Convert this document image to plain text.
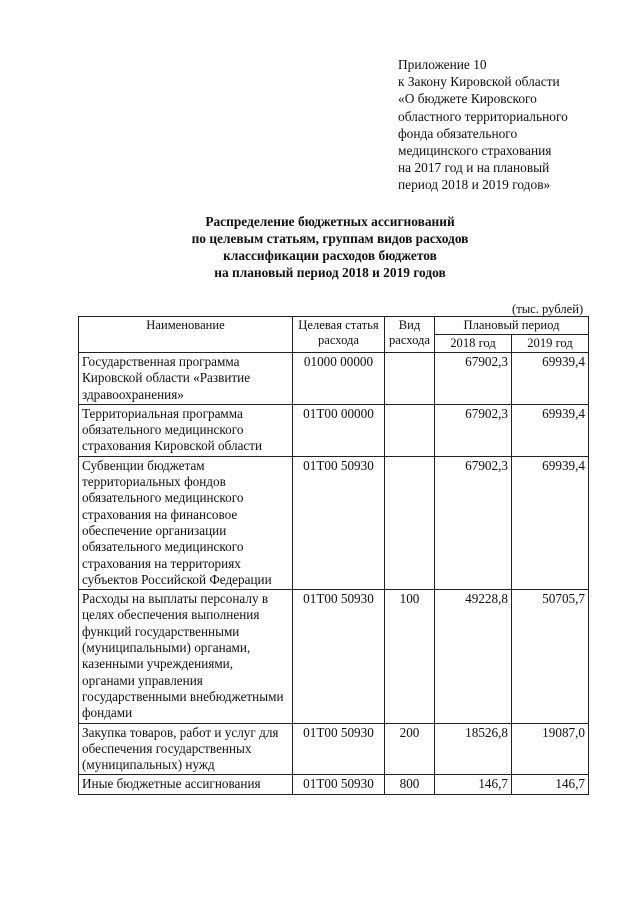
Приложение 10
к Закону Кировской области
«О бюджете Кировского
областного территориального
фонда обязательного
медицинского страхования
на 2017 год и на плановый
период 2018 и 2019 годов»
Распределение бюджетных ассигнований
по целевым статьям, группам видов расходов
классификации расходов бюджетов
на плановый период 2018 и 2019 годов
(тыс. рублей)
Наименование	Целевая статья расхода	Вид расхода	Плановый период	
			2018 год	2019 год
Государственная программа Кировской области «Развитие здравоохранения»	01000 00000		67902,3	69939,4
Территориальная программа обязательного медицинского страхования Кировской области	01Т00 00000		67902,3	69939,4
Субвенции бюджетам территориальных фондов обязательного медицинского страхования на финансовое обеспечение организации обязательного медицинского страхования на территориях субъектов Российской Федерации	01Т00 50930		67902,3	69939,4
Расходы на выплаты персоналу в целях обеспечения выполнения функций государственными (муниципальными) органами, казенными учреждениями, органами управления государственными внебюджетными фондами	01Т00 50930	100	49228,8	50705,7
Закупка товаров, работ и услуг для обеспечения государственных (муниципальных) нужд	01Т00 50930	200	18526,8	19087,0
Иные бюджетные ассигнования	01Т00 50930	800	146,7	146,7
